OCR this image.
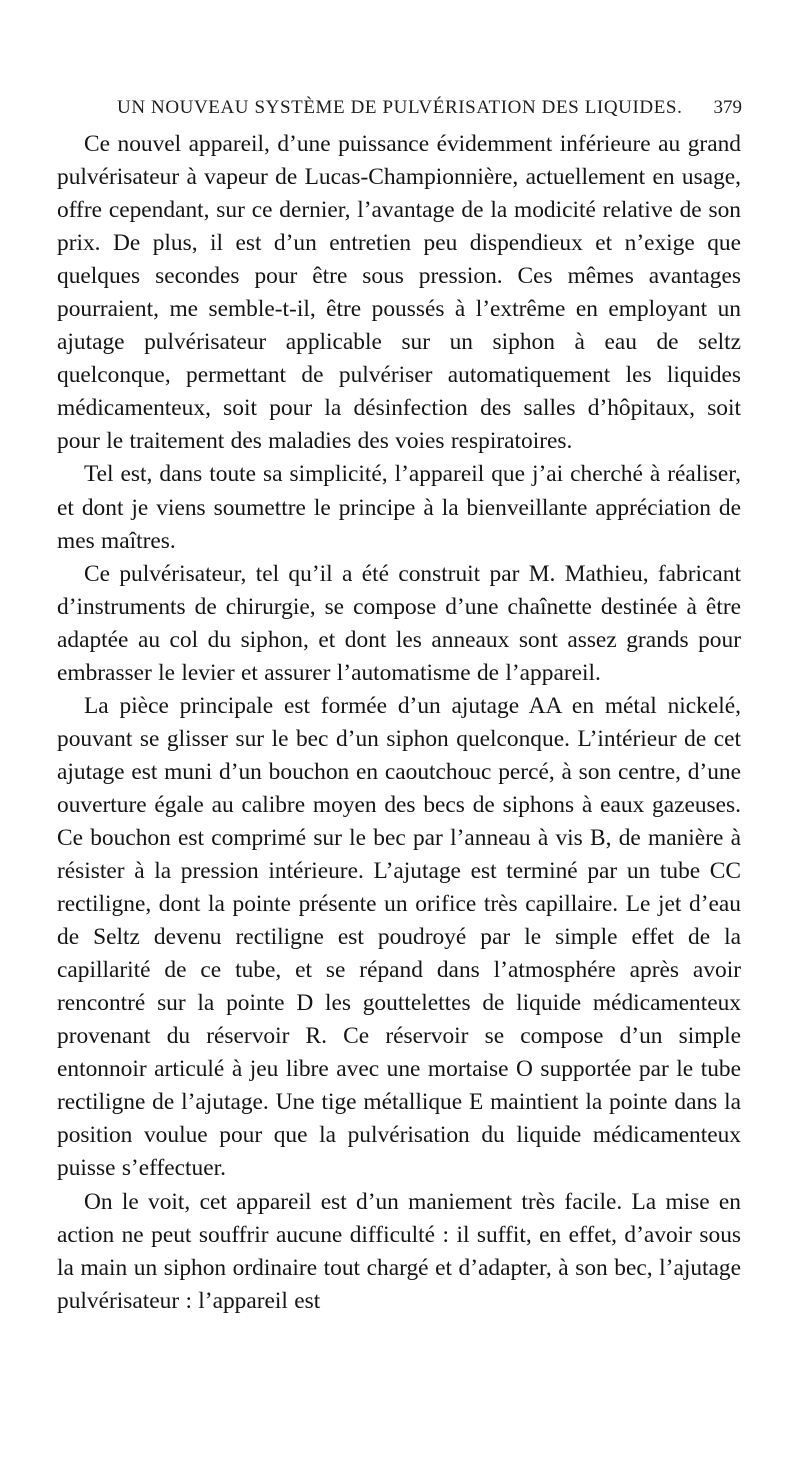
UN NOUVEAU SYSTÈME DE PULVÉRISATION DES LIQUIDES. 379

Ce nouvel appareil, d’une puissance évidemment inférieure au grand pulvérisateur à vapeur de Lucas-Championnière, actuellement en usage, offre cependant, sur ce dernier, l’avantage de la modicité relative de son prix. De plus, il est d’un entretien peu dispendieux et n’exige que quelques secondes pour être sous pression. Ces mêmes avantages pourraient, me semble-t-il, être poussés à l’extrême en employant un ajutage pulvérisateur applicable sur un siphon à eau de seltz quelconque, permettant de pulvériser automatiquement les liquides médicamenteux, soit pour la désinfection des salles d’hôpitaux, soit pour le traitement des maladies des voies respiratoires.

Tel est, dans toute sa simplicité, l’appareil que j’ai cherché à réaliser, et dont je viens soumettre le principe à la bienveillante appréciation de mes maîtres.

Ce pulvérisateur, tel qu’il a été construit par M. Mathieu, fabricant d’instruments de chirurgie, se compose d’une chaînette destinée à être adaptée au col du siphon, et dont les anneaux sont assez grands pour embrasser le levier et assurer l’automatisme de l’appareil.

La pièce principale est formée d’un ajutage AA en métal nickelé, pouvant se glisser sur le bec d’un siphon quelconque. L’intérieur de cet ajutage est muni d’un bouchon en caoutchouc percé, à son centre, d’une ouverture égale au calibre moyen des becs de siphons à eaux gazeuses. Ce bouchon est comprimé sur le bec par l’anneau à vis B, de manière à résister à la pression intérieure. L’ajutage est terminé par un tube CC rectiligne, dont la pointe présente un orifice très capillaire. Le jet d’eau de Seltz devenu rectiligne est poudroyé par le simple effet de la capillarité de ce tube, et se répand dans l’atmosphére après avoir rencontré sur la pointe D les gouttelettes de liquide médicamenteux provenant du réservoir R. Ce réservoir se compose d’un simple entonnoir articulé à jeu libre avec une mortaise O supportée par le tube rectiligne de l’ajutage. Une tige métallique E maintient la pointe dans la position voulue pour que la pulvérisation du liquide médicamenteux puisse s’effectuer.

On le voit, cet appareil est d’un maniement très facile. La mise en action ne peut souffrir aucune difficulté : il suffit, en effet, d’avoir sous la main un siphon ordinaire tout chargé et d’adapter, à son bec, l’ajutage pulvérisateur : l’appareil est
